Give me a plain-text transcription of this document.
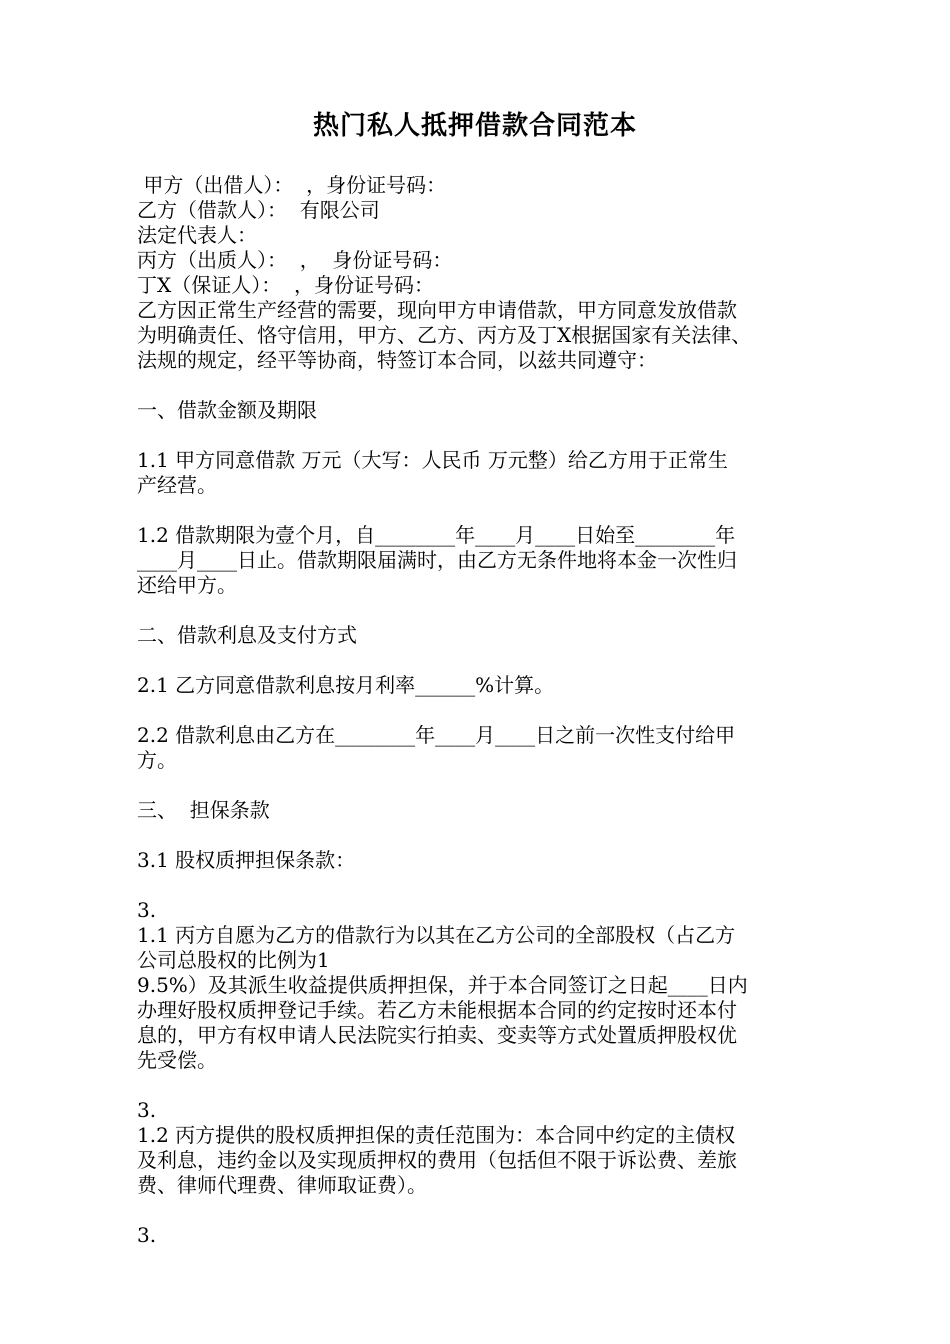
热门私人抵押借款合同范本
甲方（出借人）：  ，身份证号码：
乙方（借款人）：  有限公司
法定代表人：
丙方（出质人）：  ，  身份证号码：
丁X（保证人）：  ，身份证号码：
乙方因正常生产经营的需要，现向甲方申请借款，甲方同意发放借款
为明确责任、恪守信用，甲方、乙方、丙方及丁X根据国家有关法律、
法规的规定，经平等协商，特签订本合同，以兹共同遵守：
一、借款金额及期限
1.1 甲方同意借款 万元（大写：人民币 万元整）给乙方用于正常生
产经营。
1.2 借款期限为壹个月，自________年____月____日始至________年
____月____日止。借款期限届满时，由乙方无条件地将本金一次性归
还给甲方。
二、借款利息及支付方式
2.1 乙方同意借款利息按月利率______%计算。
2.2 借款利息由乙方在________年____月____日之前一次性支付给甲
方。
三、  担保条款
3.1 股权质押担保条款：
3.
1.1 丙方自愿为乙方的借款行为以其在乙方公司的全部股权（占乙方
公司总股权的比例为1
9.5%）及其派生收益提供质押担保，并于本合同签订之日起____日内
办理好股权质押登记手续。若乙方未能根据本合同的约定按时还本付
息的，甲方有权申请人民法院实行拍卖、变卖等方式处置质押股权优
先受偿。
3.
1.2 丙方提供的股权质押担保的责任范围为：本合同中约定的主债权
及利息，违约金以及实现质押权的费用（包括但不限于诉讼费、差旅
费、律师代理费、律师取证费）。
3.
